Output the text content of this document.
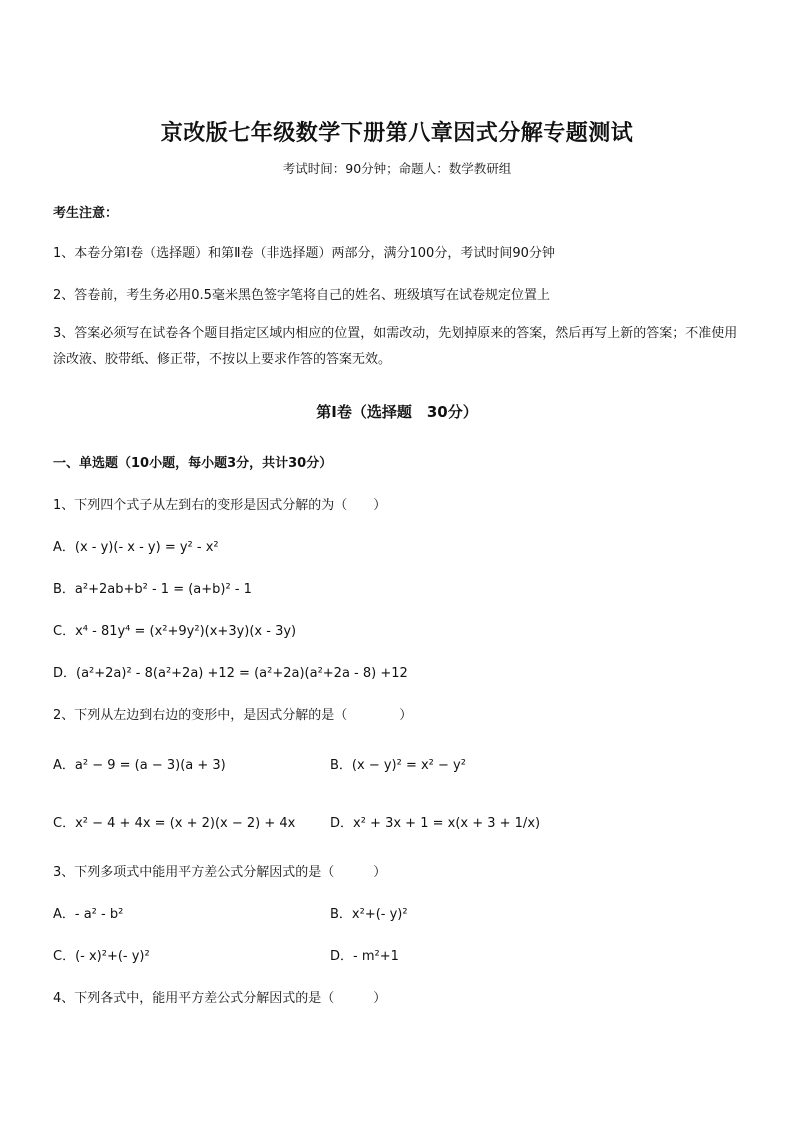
京改版七年级数学下册第八章因式分解专题测试
考试时间：90分钟；命题人：数学教研组
考生注意：
1、本卷分第Ⅰ卷（选择题）和第Ⅱ卷（非选择题）两部分，满分100分，考试时间90分钟
2、答卷前，考生务必用0.5毫米黑色签字笔将自己的姓名、班级填写在试卷规定位置上
3、答案必须写在试卷各个题目指定区域内相应的位置，如需改动，先划掉原来的答案，然后再写上新的答案；不准使用涂改液、胶带纸、修正带，不按以上要求作答的答案无效。
第Ⅰ卷（选择题　30分）
一、单选题（10小题，每小题3分，共计30分）
1、下列四个式子从左到右的变形是因式分解的为（　　）
A．(x - y)(- x - y) = y² - x²
B．a²+2ab+b² - 1 = (a+b)² - 1
C．x⁴ - 81y⁴ = (x²+9y²)(x+3y)(x - 3y)
D．(a²+2a)² - 8(a²+2a) +12 = (a²+2a)(a²+2a - 8) +12
2、下列从左边到右边的变形中，是因式分解的是（　　　　）
A．a² − 9 = (a − 3)(a + 3)	B．(x − y)² = x² − y²
C．x² − 4 + 4x = (x + 2)(x − 2) + 4x	D．x² + 3x + 1 = x(x + 3 + 1/x)
3、下列多项式中能用平方差公式分解因式的是（　　　）
A．- a² - b²	B．x²+(- y)²
C．(- x)²+(- y)²	D．- m²+1
4、下列各式中，能用平方差公式分解因式的是（　　　）
